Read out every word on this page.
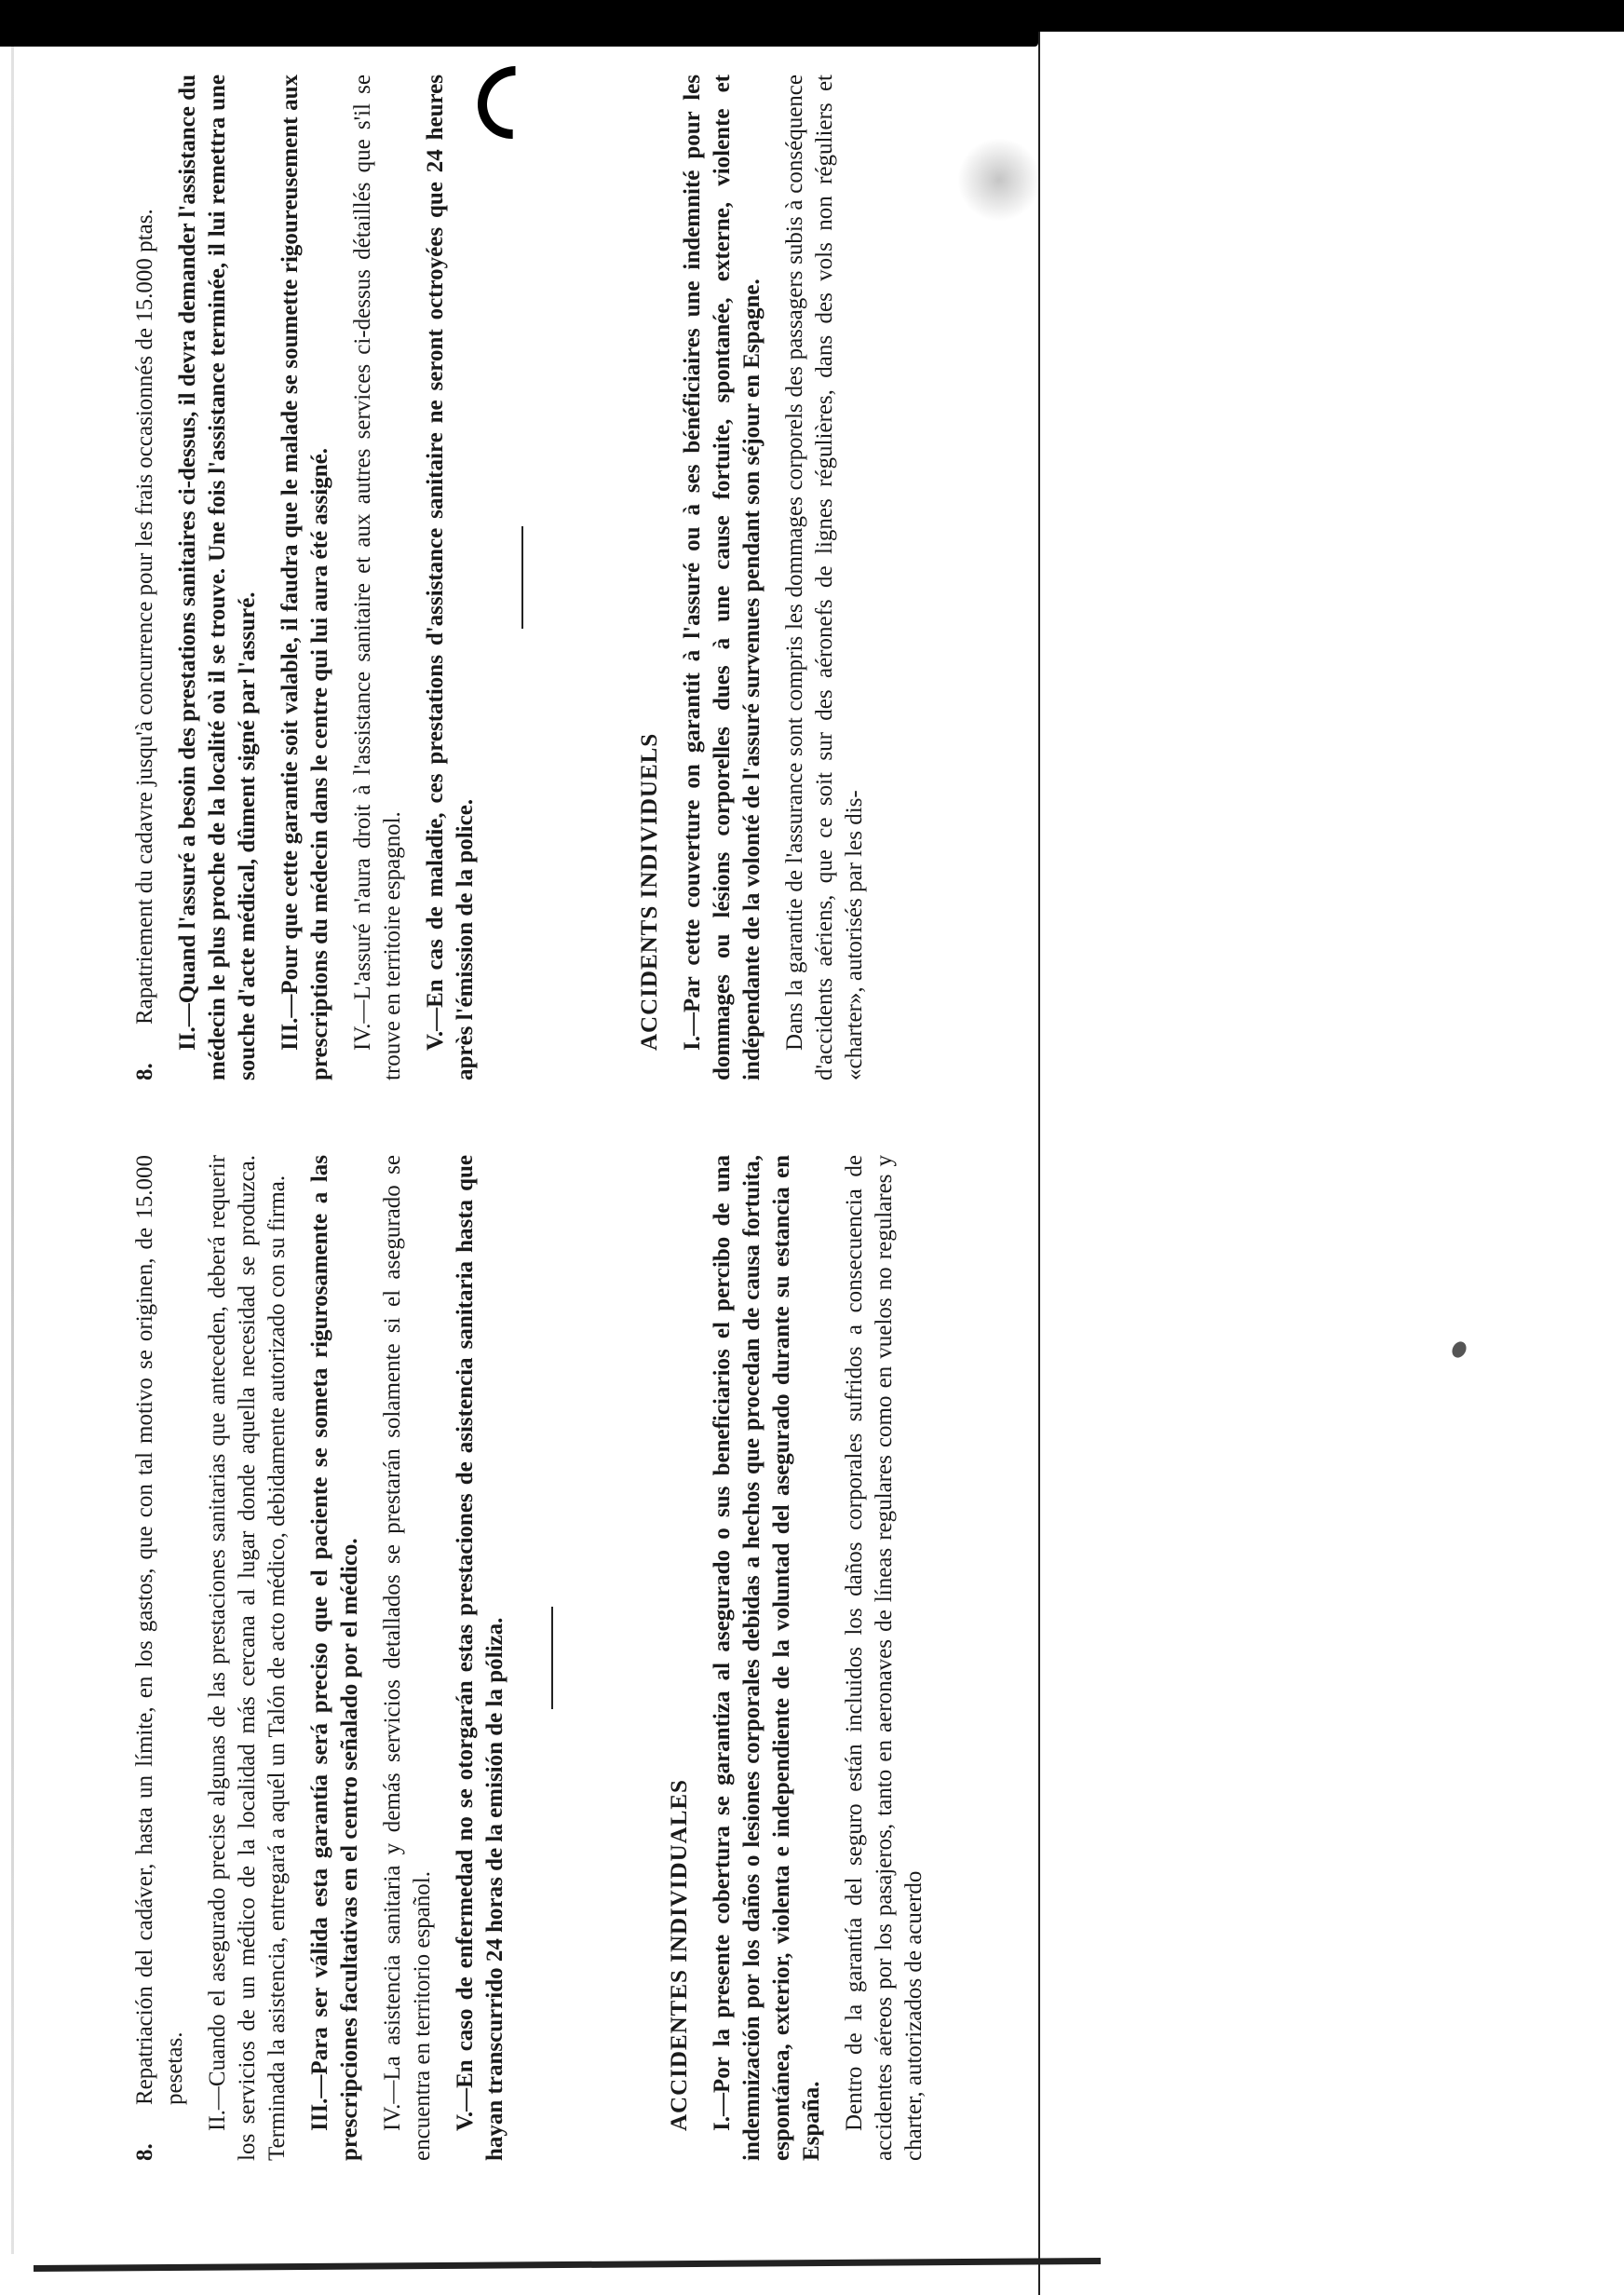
8.Repatriación del cadáver, hasta un límite, en los gastos, que con tal motivo se originen, de 15.000 pesetas. II.—Cuando el asegurado precise algunas de las prestaciones sanitarias que anteceden, deberá requerir los servicios de un médico de la localidad más cercana al lugar donde aquella necesidad se produzca. Terminada la asistencia, entregará a aquél un Talón de acto médico, debidamente autorizado con su firma. III.—Para ser válida esta garantía será preciso que el paciente se someta rigurosamente a las prescripciones facultativas en el centro señalado por el médico. IV.—La asistencia sanitaria y demás servicios detallados se prestarán solamente si el asegurado se encuentra en territorio español. V.—En caso de enfermedad no se otorgarán estas prestaciones de asistencia sanitaria hasta que hayan transcurrido 24 horas de la emisión de la póliza.	ACCIDENTES INDIVIDUALES I.—Por la presente cobertura se garantiza al asegurado o sus beneficiarios el percibo de una indemnización por los daños o lesiones corporales debidas a hechos que procedan de causa fortuita, espontánea, exterior, violenta e independiente de la voluntad del asegurado durante su estancia en España. Dentro de la garantía del seguro están incluidos los daños corporales sufridos a consecuencia de accidentes aéreos por los pasajeros, tanto en aeronaves de líneas regulares como en vuelos no regulares y charter, autorizados de acuerdo

8.Rapatriement du cadavre jusqu'à concurrence pour les frais occasionnés de 15.000 ptas. II.—Quand l'assuré a besoin des prestations sanitaires ci-dessus, il devra demander l'assistance du médecin le plus proche de la localité où il se trouve. Une fois l'assistance terminée, il lui remettra une souche d'acte médical, dûment signé par l'assuré. III.—Pour que cette garantie soit valable, il faudra que le malade se soumette rigoureusement aux prescriptions du médecin dans le centre qui lui aura été assigné. IV.—L'assuré n'aura droit à l'assistance sanitaire et aux autres services ci-dessus détaillés que s'il se trouve en territoire espagnol. V.—En cas de maladie, ces prestations d'assistance sanitaire ne seront octroyées que 24 heures après l'émission de la police.	ACCIDENTS INDIVIDUELS I.—Par cette couverture on garantit à l'assuré ou à ses bénéficiaires une indemnité pour les dommages ou lésions corporelles dues à une cause fortuite, spontanée, externe, violente et indépendante de la volonté de l'assuré survenues pendant son séjour en Espagne. Dans la garantie de l'assurance sont compris les dommages corporels des passagers subis à conséquence d'accidents aériens, que ce soit sur des aéronefs de lignes régulières, dans des vols non réguliers et «charter», autorisés par les dis-
